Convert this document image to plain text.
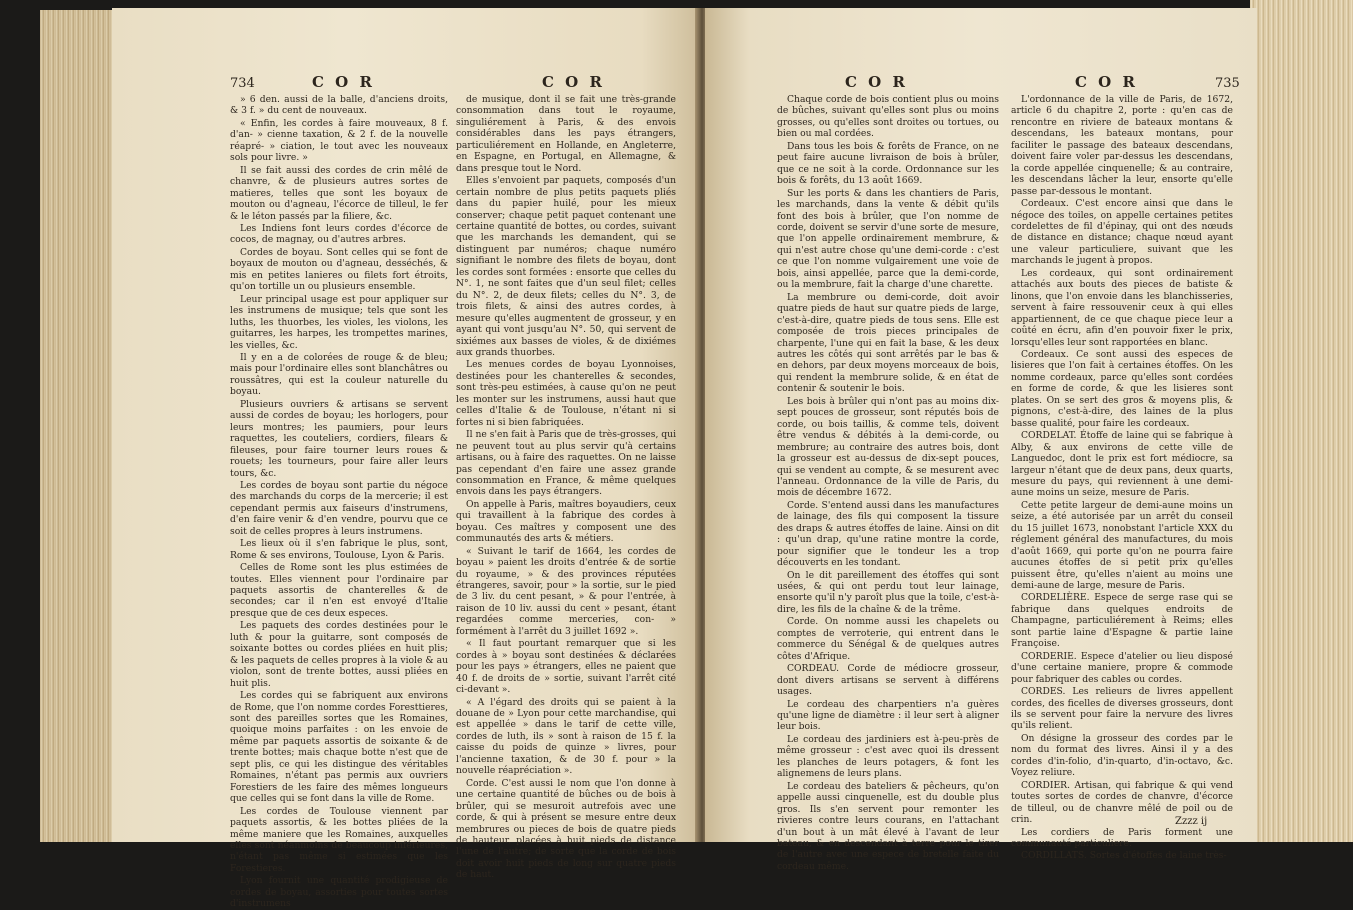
734	C O R	C O R

» 6 den. aussi de la balle, d'anciens droits, & 3 f. » du cent de nouveaux.

« Enfin, les cordes à faire mouveaux, 8 f. d'an- » cienne taxation, & 2 f. de la nouvelle réapré- » ciation, le tout avec les nouveaux sols pour livre. »

Il se fait aussi des cordes de crin mêlé de chanvre, & de plusieurs autres sortes de matieres, telles que sont les boyaux de mouton ou d'agneau, l'écorce de tilleul, le fer & le léton passés par la filiere, &c.

Les Indiens font leurs cordes d'écorce de cocos, de magnay, ou d'autres arbres.

Cordes de boyau. Sont celles qui se font de boyaux de mouton ou d'agneau, desséchés, & mis en petites lanieres ou filets fort étroits, qu'on tortille un ou plusieurs ensemble.

Leur principal usage est pour appliquer sur les instrumens de musique; tels que sont les luths, les thuorbes, les violes, les violons, les guitarres, les harpes, les trompettes marines, les vielles, &c.

Il y en a de colorées de rouge & de bleu; mais pour l'ordinaire elles sont blanchâtres ou roussâtres, qui est la couleur naturelle du boyau.

Plusieurs ouvriers & artisans se servent aussi de cordes de boyau; les horlogers, pour leurs montres; les paumiers, pour leurs raquettes, les couteliers, cordiers, filears & fileuses, pour faire tourner leurs roues & rouets; les tourneurs, pour faire aller leurs tours, &c.

Les cordes de boyau sont partie du négoce des marchands du corps de la mercerie; il est cependant permis aux faiseurs d'instrumens, d'en faire venir & d'en vendre, pourvu que ce soit de celles propres à leurs instrumens.

Les lieux où il s'en fabrique le plus, sont, Rome & ses environs, Toulouse, Lyon & Paris.

Celles de Rome sont les plus estimées de toutes. Elles viennent pour l'ordinaire par paquets assortis de chanterelles & de secondes; car il n'en est envoyé d'Italie presque que de ces deux especes.

Les paquets des cordes destinées pour le luth & pour la guitarre, sont composés de soixante bottes ou cordes pliées en huit plis; & les paquets de celles propres à la viole & au violon, sont de trente bottes, aussi pliées en huit plis.

Les cordes qui se fabriquent aux environs de Rome, que l'on nomme cordes Foresttieres, sont des pareilles sortes que les Romaines, quoique moins parfaites : on les envoie de même par paquets assortis de soixante & de trente bottes; mais chaque botte n'est que de sept plis, ce qui les distingue des véritables Romaines, n'étant pas permis aux ouvriers Forestiers de les faire des mêmes longueurs que celles qui se font dans la ville de Rome.

Les cordes de Toulouse viennent par paquets assortis, & les bottes pliées de la même maniere que les Romaines, auxquelles elles sont néanmoins de beaucoup inférieures, n'étant pas même si estimées que les Forestieres.

Lyon fournit une quantité prodigieuse de cordes de boyau, assorties pour toutes sortes d'instrumens

de musique, dont il se fait une très-grande consommation dans tout le royaume, singuliérement à Paris, & des envois considérables dans les pays étrangers, particuliérement en Hollande, en Angleterre, en Espagne, en Portugal, en Allemagne, & dans presque tout le Nord.

Elles s'envoient par paquets, composés d'un certain nombre de plus petits paquets pliés dans du papier huilé, pour les mieux conserver; chaque petit paquet contenant une certaine quantité de bottes, ou cordes, suivant que les marchands les demandent, qui se distinguent par numéros; chaque numéro signifiant le nombre des filets de boyau, dont les cordes sont formées : ensorte que celles du N°. 1, ne sont faites que d'un seul filet; celles du N°. 2, de deux filets; celles du N°. 3, de trois filets, & ainsi des autres cordes, à mesure qu'elles augmentent de grosseur, y en ayant qui vont jusqu'au N°. 50, qui servent de sixiémes aux basses de violes, & de dixiémes aux grands thuorbes.

Les menues cordes de boyau Lyonnoises, destinées pour les chanterelles & secondes, sont très-peu estimées, à cause qu'on ne peut les monter sur les instrumens, aussi haut que celles d'Italie & de Toulouse, n'étant ni si fortes ni si bien fabriquées.

Il ne s'en fait à Paris que de très-grosses, qui ne peuvent tout au plus servir qu'à certains artisans, ou à faire des raquettes. On ne laisse pas cependant d'en faire une assez grande consommation en France, & même quelques envois dans les pays étrangers.

On appelle à Paris, maîtres boyaudiers, ceux qui travaillent à la fabrique des cordes à boyau. Ces maîtres y composent une des communautés des arts & métiers.

« Suivant le tarif de 1664, les cordes de boyau » paient les droits d'entrée & de sortie du royaume, » & des provinces réputées étrangeres, savoir, pour » la sortie, sur le pied de 3 liv. du cent pesant, » & pour l'entrée, à raison de 10 liv. aussi du cent » pesant, étant regardées comme merceries, con- » formément à l'arrêt du 3 juillet 1692 ».

« Il faut pourtant remarquer que si les cordes à » boyau sont destinées & déclarées pour les pays » étrangers, elles ne paient que 40 f. de droits de » sortie, suivant l'arrêt cité ci-devant ».

« A l'égard des droits qui se paient à la douane de » Lyon pour cette marchandise, qui est appellée » dans le tarif de cette ville, cordes de luth, ils » sont à raison de 15 f. la caisse du poids de quinze » livres, pour l'ancienne taxation, & de 30 f. pour » la nouvelle réapréciation ».

Corde. C'est aussi le nom que l'on donne à une certaine quantité de bûches ou de bois à brûler, qui se mesuroit autrefois avec une corde, & qui à présent se mesure entre deux membrures ou pieces de bois de quatre pieds de hauteur, placées à huit pieds de distance l'une de l'autre; de sorte que la corde de bois doit avoir huit pieds de long sur quatre pieds de haut.

C O R	C O R	735

Chaque corde de bois contient plus ou moins de bûches, suivant qu'elles sont plus ou moins grosses, ou qu'elles sont droites ou tortues, ou bien ou mal cordées.

Dans tous les bois & forêts de France, on ne peut faire aucune livraison de bois à brûler, que ce ne soit à la corde. Ordonnance sur les bois & forêts, du 13 août 1669.

Sur les ports & dans les chantiers de Paris, les marchands, dans la vente & débit qu'ils font des bois à brûler, que l'on nomme de corde, doivent se servir d'une sorte de mesure, que l'on appelle ordinairement membrure, & qui n'est autre chose qu'une demi-corde : c'est ce que l'on nomme vulgairement une voie de bois, ainsi appellée, parce que la demi-corde, ou la membrure, fait la charge d'une charette.

La membrure ou demi-corde, doit avoir quatre pieds de haut sur quatre pieds de large, c'est-à-dire, quatre pieds de tous sens. Elle est composée de trois pieces principales de charpente, l'une qui en fait la base, & les deux autres les côtés qui sont arrêtés par le bas & en dehors, par deux moyens morceaux de bois, qui rendent la membrure solide, & en état de contenir & soutenir le bois.

Les bois à brûler qui n'ont pas au moins dix-sept pouces de grosseur, sont réputés bois de corde, ou bois taillis, & comme tels, doivent être vendus & débités à la demi-corde, ou membrure; au contraire des autres bois, dont la grosseur est au-dessus de dix-sept pouces, qui se vendent au compte, & se mesurent avec l'anneau. Ordonnance de la ville de Paris, du mois de décembre 1672.

Corde. S'entend aussi dans les manufactures de lainage, des fils qui composent la tissure des draps & autres étoffes de laine. Ainsi on dit : qu'un drap, qu'une ratine montre la corde, pour signifier que le tondeur les a trop découverts en les tondant.

On le dit pareillement des étoffes qui sont usées, & qui ont perdu tout leur lainage, ensorte qu'il n'y paroît plus que la toile, c'est-à-dire, les fils de la chaîne & de la trême.

Corde. On nomme aussi les chapelets ou comptes de verroterie, qui entrent dans le commerce du Sénégal & de quelques autres côtes d'Afrique.

CORDEAU. Corde de médiocre grosseur, dont divers artisans se servent à différens usages.

Le cordeau des charpentiers n'a guères qu'une ligne de diamètre : il leur sert à aligner leur bois.

Le cordeau des jardiniers est à-peu-près de même grosseur : c'est avec quoi ils dressent les planches de leurs potagers, & font les alignemens de leurs plans.

Le cordeau des bateliers & pêcheurs, qu'on appelle aussi cinquenelle, est du double plus gros. Ils s'en servent pour remonter les rivieres contre leurs courans, en l'attachant d'un bout à un mât élevé à l'avant de leur bateau, & en descendant à terre pour le tirer de l'autre avec une espece de bretelle faite du cordeau même.

L'ordonnance de la ville de Paris, de 1672, article 6 du chapitre 2, porte : qu'en cas de rencontre en riviere de bateaux montans & descendans, les bateaux montans, pour faciliter le passage des bateaux descendans, doivent faire voler par-dessus les descendans, la corde appellée cinquenelle; & au contraire, les descendans lâcher la leur, ensorte qu'elle passe par-dessous le montant.

Cordeaux. C'est encore ainsi que dans le négoce des toiles, on appelle certaines petites cordelettes de fil d'épinay, qui ont des nœuds de distance en distance; chaque nœud ayant une valeur particuliere, suivant que les marchands le jugent à propos.

Les cordeaux, qui sont ordinairement attachés aux bouts des pieces de batiste & linons, que l'on envoie dans les blanchisseries, servent à faire ressouvenir ceux à qui elles appartiennent, de ce que chaque piece leur a coûté en écru, afin d'en pouvoir fixer le prix, lorsqu'elles leur sont rapportées en blanc.

Cordeaux. Ce sont aussi des especes de lisieres que l'on fait à certaines étoffes. On les nomme cordeaux, parce qu'elles sont cordées en forme de corde, & que les lisieres sont plates. On se sert des gros & moyens plis, & pignons, c'est-à-dire, des laines de la plus basse qualité, pour faire les cordeaux.

CORDELAT. Étoffe de laine qui se fabrique à Alby, & aux environs de cette ville de Languedoc, dont le prix est fort médiocre, sa largeur n'étant que de deux pans, deux quarts, mesure du pays, qui reviennent à une demi-aune moins un seize, mesure de Paris.

Cette petite largeur de demi-aune moins un seize, a été autorisée par un arrêt du conseil du 15 juillet 1673, nonobstant l'article XXX du réglement général des manufactures, du mois d'août 1669, qui porte qu'on ne pourra faire aucunes étoffes de si petit prix qu'elles puissent être, qu'elles n'aient au moins une demi-aune de large, mesure de Paris.

CORDELIÈRE. Espece de serge rase qui se fabrique dans quelques endroits de Champagne, particuliérement à Reims; elles sont partie laine d'Espagne & partie laine Françoise.

CORDERIE. Espece d'atelier ou lieu disposé d'une certaine maniere, propre & commode pour fabriquer des cables ou cordes.

CORDES. Les relieurs de livres appellent cordes, des ficelles de diverses grosseurs, dont ils se servent pour faire la nervure des livres qu'ils relient.

On désigne la grosseur des cordes par le nom du format des livres. Ainsi il y a des cordes d'in-folio, d'in-quarto, d'in-octavo, &c. Voyez reliure.

CORDIER. Artisan, qui fabrique & qui vend toutes sortes de cordes de chanvre, d'écorce de tilleul, ou de chanvre mêlé de poil ou de crin.

Les cordiers de Paris forment une communauté particuliere.

CORDILLATS. Sortes d'étoffes de laine très-

Zzzz ij
